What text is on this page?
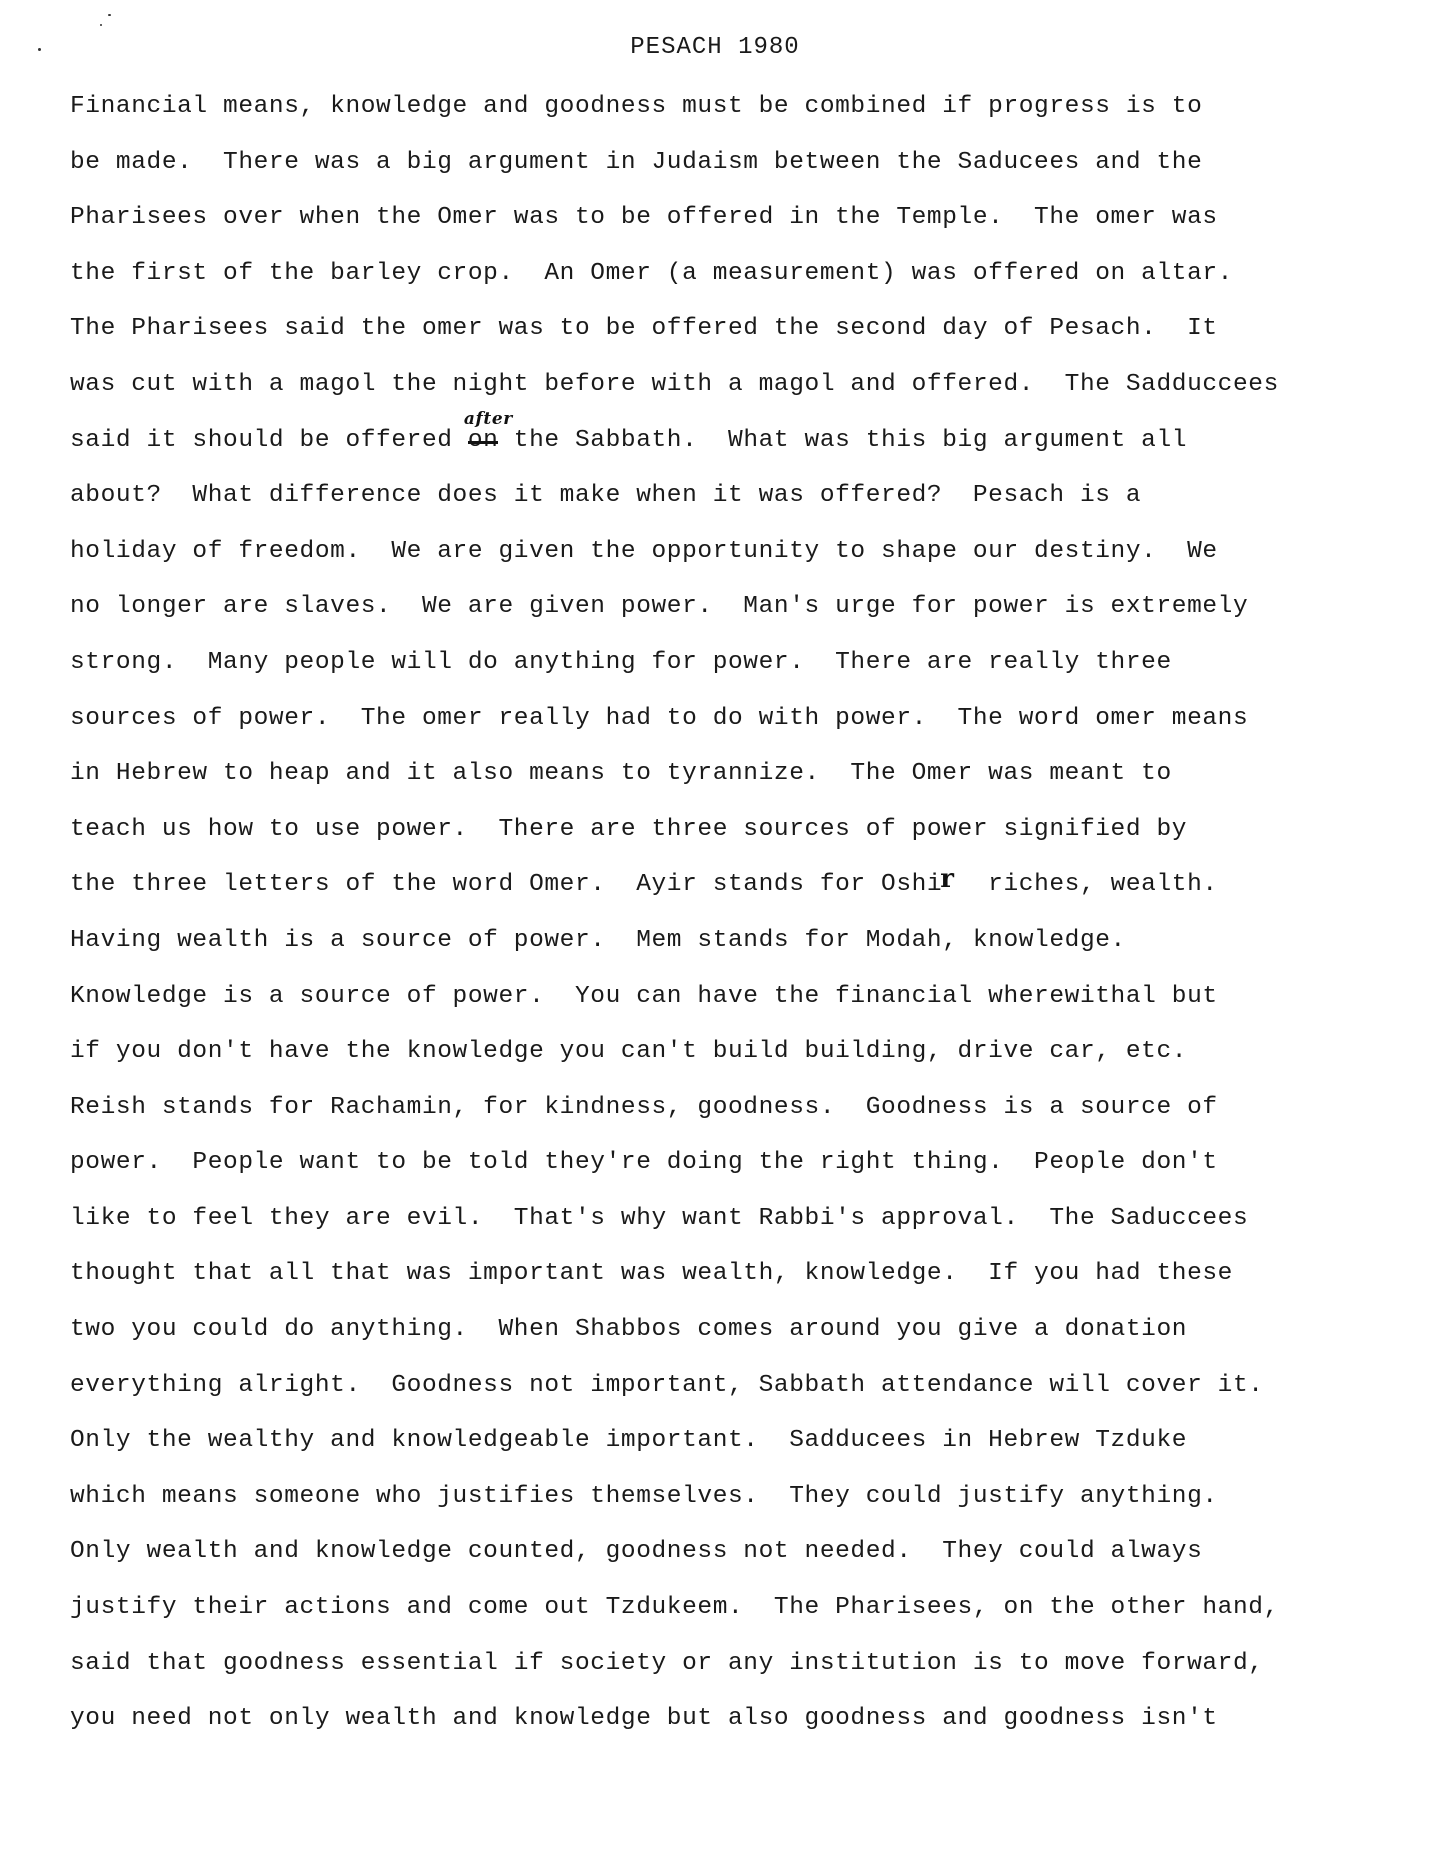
PESACH 1980
Financial means, knowledge and goodness must be combined if progress is to
be made.  There was a big argument in Judaism between the Saducees and the
Pharisees over when the Omer was to be offered in the Temple.  The omer was
the first of the barley crop.  An Omer (a measurement) was offered on altar.
The Pharisees said the omer was to be offered the second day of Pesach.  It
was cut with a magol the night before with a magol and offered.  The Sadduccees
said it should be offered
after
the Sabbath.  What was this big argument all
about?  What difference does it make when it was offered?  Pesach is a
holiday of freedom.  We are given the opportunity to shape our destiny.  We
no longer are slaves.  We are given power.  Man's urge for power is extremely
strong.  Many people will do anything for power.  There are really three
sources of power.  The omer really had to do with power.  The word omer means
in Hebrew to heap and it also means to tyrannize.  The Omer was meant to
teach us how to use power.  There are three sources of power signified by
the three letters of the word Omer.  Ayir stands for Oshi
r riches, wealth.
Having wealth is a source of power.  Mem stands for Modah, knowledge.
Knowledge is a source of power.  You can have the financial wherewithal but
if you don't have the knowledge you can't build building, drive car, etc.
Reish stands for Rachamin, for kindness, goodness.  Goodness is a source of
power.  People want to be told they're doing the right thing.  People don't
like to feel they are evil.  That's why want Rabbi's approval.  The Saduccees
thought that all that was important was wealth, knowledge.  If you had these
two you could do anything.  When Shabbos comes around you give a donation
everything alright.  Goodness not important, Sabbath attendance will cover it.
Only the wealthy and knowledgeable important.  Sadducees in Hebrew Tzduke
which means someone who justifies themselves.  They could justify anything.
Only wealth and knowledge counted, goodness not needed.  They could always
justify their actions and come out Tzdukeem.  The Pharisees, on the other hand,
said that goodness essential if society or any institution is to move forward,
you need not only wealth and knowledge but also goodness and goodness isn't
